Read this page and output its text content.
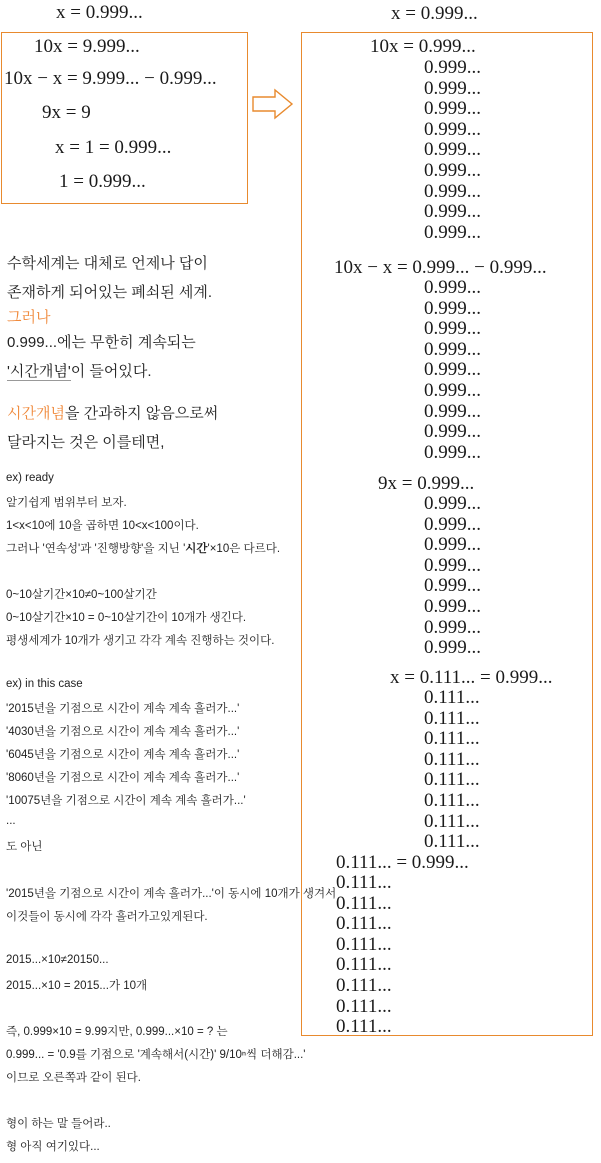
x = 0.999...
10x = 9.999...
10x − x = 9.999... − 0.999...
9x = 9
x = 1 = 0.999...
1 = 0.999...
x = 0.999...
10x = 0.999...
10x − x = 0.999... − 0.999...
9x = 0.999...
x = 0.111... = 0.999...
0.111... = 0.999...
0.999...
0.999...
0.999...
0.999...
0.999...
0.999...
0.999...
0.999...
0.999...
0.999...
0.999...
0.999...
0.999...
0.999...
0.999...
0.999...
0.999...
0.999...
0.999...
0.999...
0.999...
0.999...
0.999...
0.999...
0.999...
0.999...
0.111...
0.111...
0.111...
0.111...
0.111...
0.111...
0.111...
0.111...
0.111...
0.111...
0.111...
0.111...
0.111...
0.111...
0.111...
0.111...
수학세계는 대체로 언제나 답이
존재하게 되어있는 폐쇠된 세계.
그러나
0.999...에는 무한히 계속되는
'시간개념'이 들어있다.
시간개념을 간과하지 않음으로써
달라지는 것은 이를테면,
ex) ready
알기쉽게 범위부터 보자.
1<x<10에 10을 곱하면 10<x<100이다.
그러나 '연속성'과 '진행방향'을 지닌 '시간'×10은 다르다.
0~10살기간×10≠0~100살기간
0~10살기간×10 = 0~10살기간이 10개가 생긴다.
평생세계가 10개가 생기고 각각 계속 진행하는 것이다.
ex) in this case
'2015년을 기점으로 시간이 계속 계속 흘러가...'
'4030년을 기점으로 시간이 계속 계속 흘러가...'
'6045년을 기점으로 시간이 계속 계속 흘러가...'
'8060년을 기점으로 시간이 계속 계속 흘러가...'
'10075년을 기점으로 시간이 계속 계속 흘러가...'
...
도 아닌
'2015년을 기점으로 시간이 계속 흘러가...'이 동시에 10개가 생겨서
이것들이 동시에 각각 흘러가고있게된다.
2015...×10≠20150...
2015...×10 = 2015...가 10개
즉, 0.999×10 = 9.99지만, 0.999...×10 = ? 는
0.999... = '0.9를 기점으로 '계속해서(시간)' 9/10ⁿ씩 더해감...'
이므로 오른쪽과 같이 된다.
형이 하는 말 들어라..
형 아직 여기있다...
